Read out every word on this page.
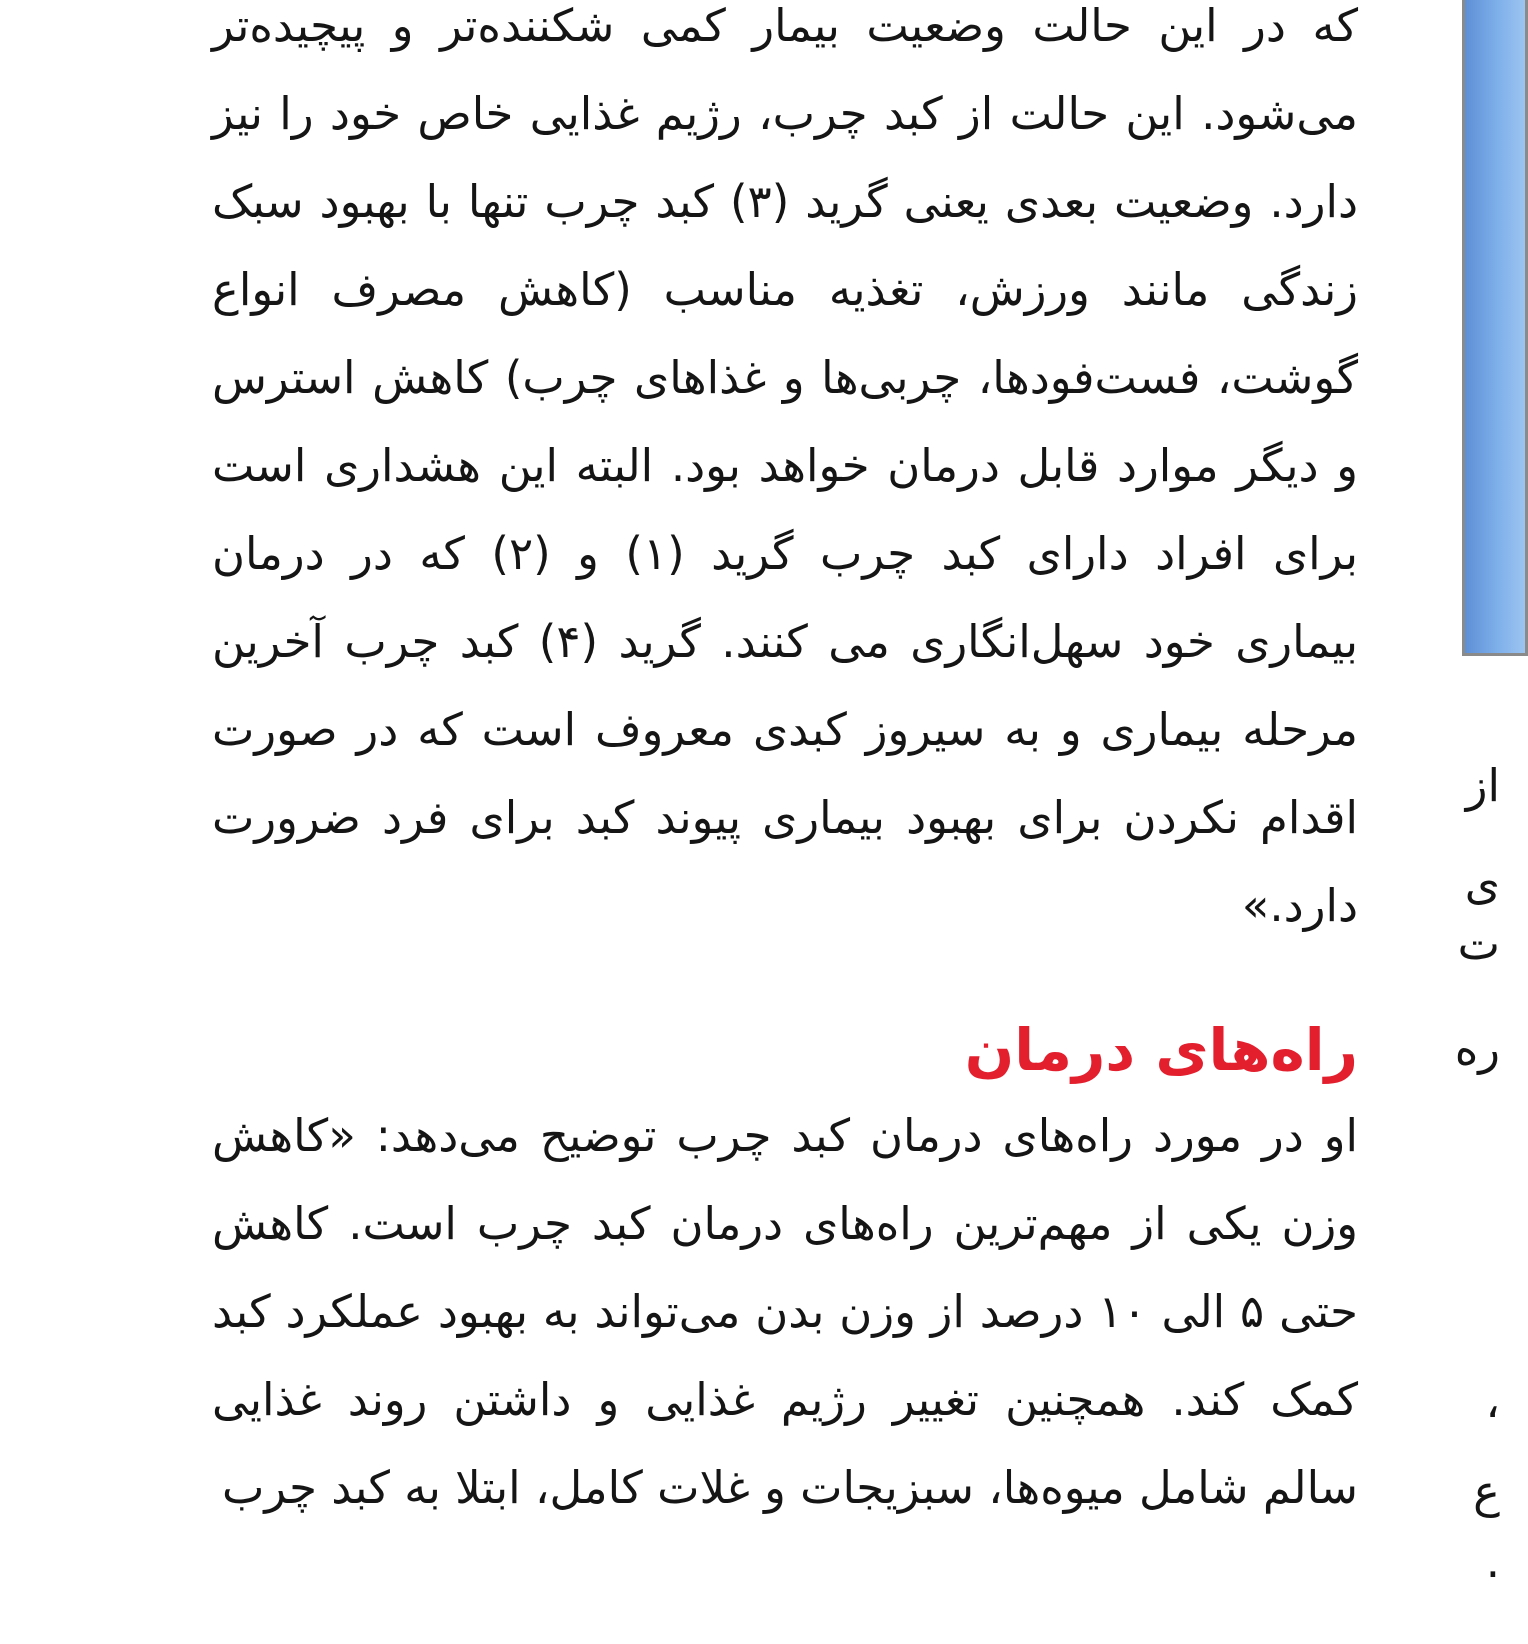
که در این حالت وضعیت بیمار کمی شکننده‌تر و پیچیده‌تر می‌شود. این حالت از کبد چرب، رژیم غذایی خاص خود را نیز دارد. وضعیت بعدی یعنی گرید (۳) کبد چرب تنها با بهبود سبک زندگی مانند ورزش، تغذیه مناسب (کاهش مصرف انواع گوشت، فست‌فودها، چربی‌ها و غذاهای چرب) کاهش استرس و دیگر موارد قابل درمان خواهد بود. البته این هشداری است برای افراد دارای کبد چرب گرید (۱) و (۲) که در درمان بیماری خود سهل‌انگاری می کنند. گرید (۴) کبد چرب آخرین مرحله بیماری و به سیروز کبدی معروف است که در صورت اقدام نکردن برای بهبود بیماری پیوند کبد برای فرد ضرورت دارد.»

راه‌های درمان

او در مورد راه‌های درمان کبد چرب توضیح می‌دهد: «کاهش وزن یکی از مهم‌ترین راه‌های درمان کبد چرب است. کاهش حتی ۵ الی ۱۰ درصد از وزن بدن می‌تواند به بهبود عملکرد کبد کمک کند. همچنین تغییر رژیم غذایی و داشتن روند غذایی سالم شامل میوه‌ها، سبزیجات و غلات کامل، ابتلا به کبد چرب

از
ی
ت
ره
،
ع
.
